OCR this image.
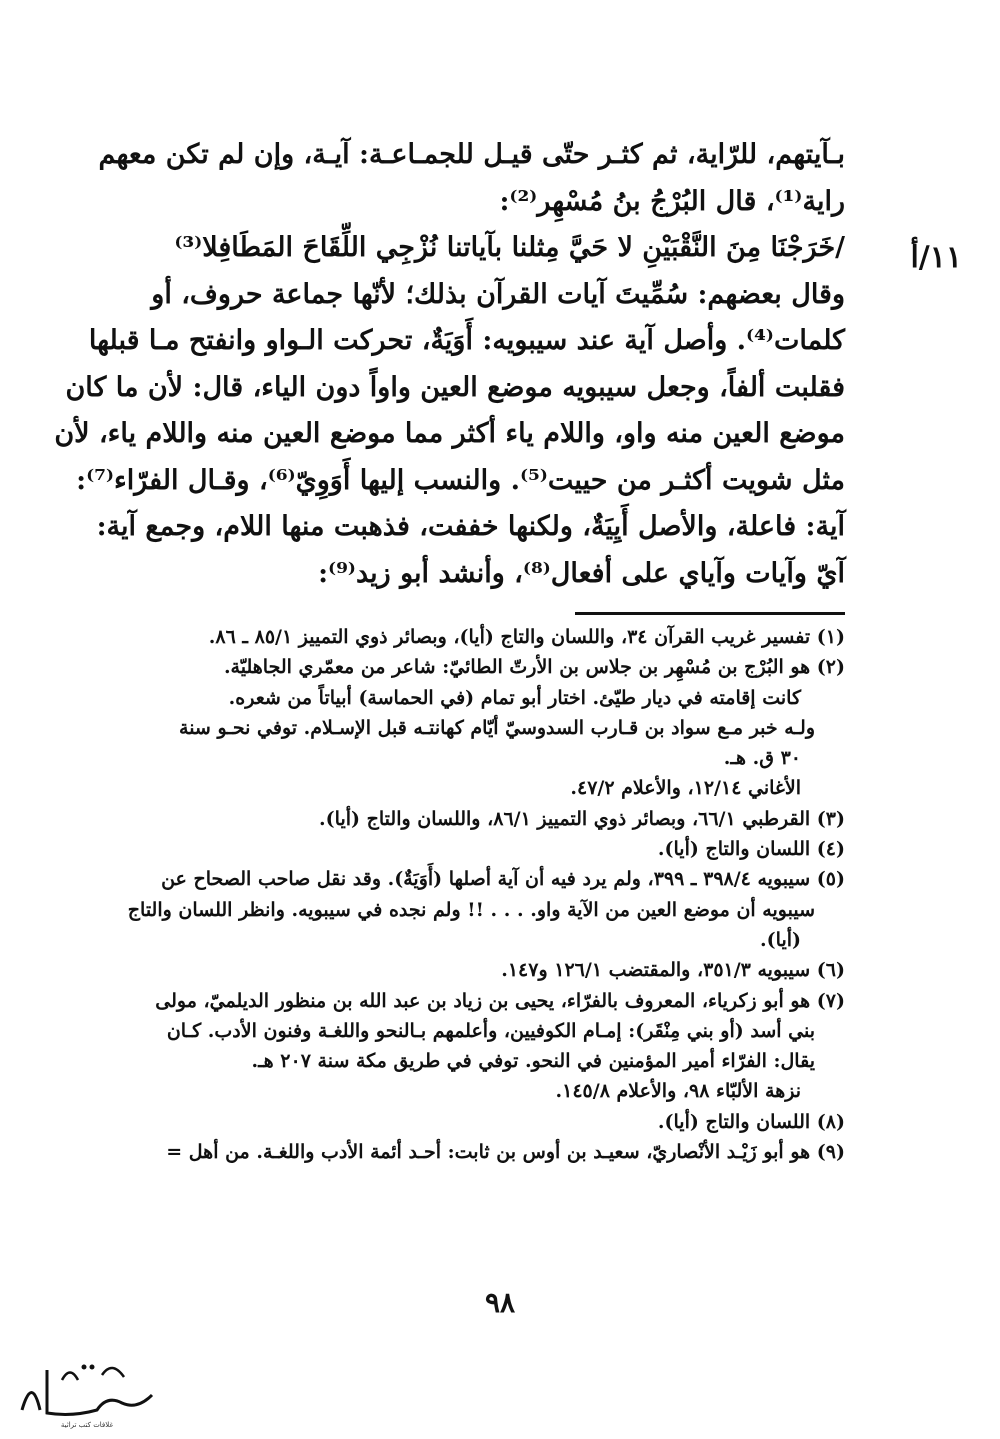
١١/أ
بـآيتهم، للرّاية، ثم كثـر حتّى قيـل للجمـاعـة: آيـة، وإن لم تكن معهم
راية⁽¹⁾، قال البُرْجُ بنُ مُسْهِر⁽²⁾:
/خَرَجْنَا مِنَ النَّقْبَيْنِ لا حَيَّ مِثلنا بآياتنا نُزْجِي اللِّقَاحَ المَطَافِلا⁽³⁾
وقال بعضهم: سُمِّيتَ آيات القرآن بذلك؛ لأنّها جماعة حروف، أو
كلمات⁽⁴⁾. وأصل آية عند سيبويه: أَوَيَةٌ، تحركت الـواو وانفتح مـا قبلها
فقلبت ألفاً، وجعل سيبويه موضع العين واواً دون الياء، قال: لأن ما كان
موضع العين منه واو، واللام ياء أكثر مما موضع العين منه واللام ياء، لأن
مثل شويت أكثـر من حييت⁽⁵⁾. والنسب إليها أَوَوِيّ⁽⁶⁾، وقـال الفرّاء⁽⁷⁾:
آية: فاعلة، والأصل أَيِيَةٌ، ولكنها خففت، فذهبت منها اللام، وجمع آية:
آيّ وآيات وآياي على أفعال⁽⁸⁾، وأنشد أبو زيد⁽⁹⁾:
(١) تفسير غريب القرآن ٣٤، واللسان والتاج (أيا)، وبصائر ذوي التمييز ٨٥/١ ـ ٨٦.
(٢) هو البُرْج بن مُسْهِر بن جلاس بن الأرتّ الطائيّ: شاعر من معمّري الجاهليّة.
كانت إقامته في ديار طيّئ. اختار أبو تمام (في الحماسة) أبياتاً من شعره.
ولـه خبر مـع سواد بن قـارب السدوسيّ أيّام كهانتـه قبل الإسـلام. توفي نحـو سنة
٣٠ ق. هـ.
الأغاني ١٢/١٤، والأعلام ٤٧/٢.
(٣) القرطبي ٦٦/١، وبصائر ذوي التمييز ٨٦/١، واللسان والتاج (أيا).
(٤) اللسان والتاج (أيا).
(٥) سيبويه ٣٩٨/٤ ـ ٣٩٩، ولم يرد فيه أن آية أصلها (أَوَيَةٌ). وقد نقل صاحب الصحاح عن
سيبويه أن موضع العين من الآية واو. . . . !! ولم نجده في سيبويه. وانظر اللسان والتاج
(أيا).
(٦) سيبويه ٣٥١/٣، والمقتضب ١٢٦/١ و١٤٧.
(٧) هو أبو زكرياء، المعروف بالفرّاء، يحيى بن زياد بن عبد الله بن منظور الديلميّ، مولى
بني أسد (أو بني مِنْقَر): إمـام الكوفيين، وأعلمهم بـالنحو واللغـة وفنون الأدب. كـان
يقال: الفرّاء أمير المؤمنين في النحو. توفي في طريق مكة سنة ٢٠٧ هـ.
نزهة الألبّاء ٩٨، والأعلام ١٤٥/٨.
(٨) اللسان والتاج (أيا).
(٩) هو أبو زَيْـد الأنْصاريّ، سعيـد بن أوس بن ثابت: أحـد أئمة الأدب واللغـة. من أهل =
٩٨
غلافات كتب تراثية
